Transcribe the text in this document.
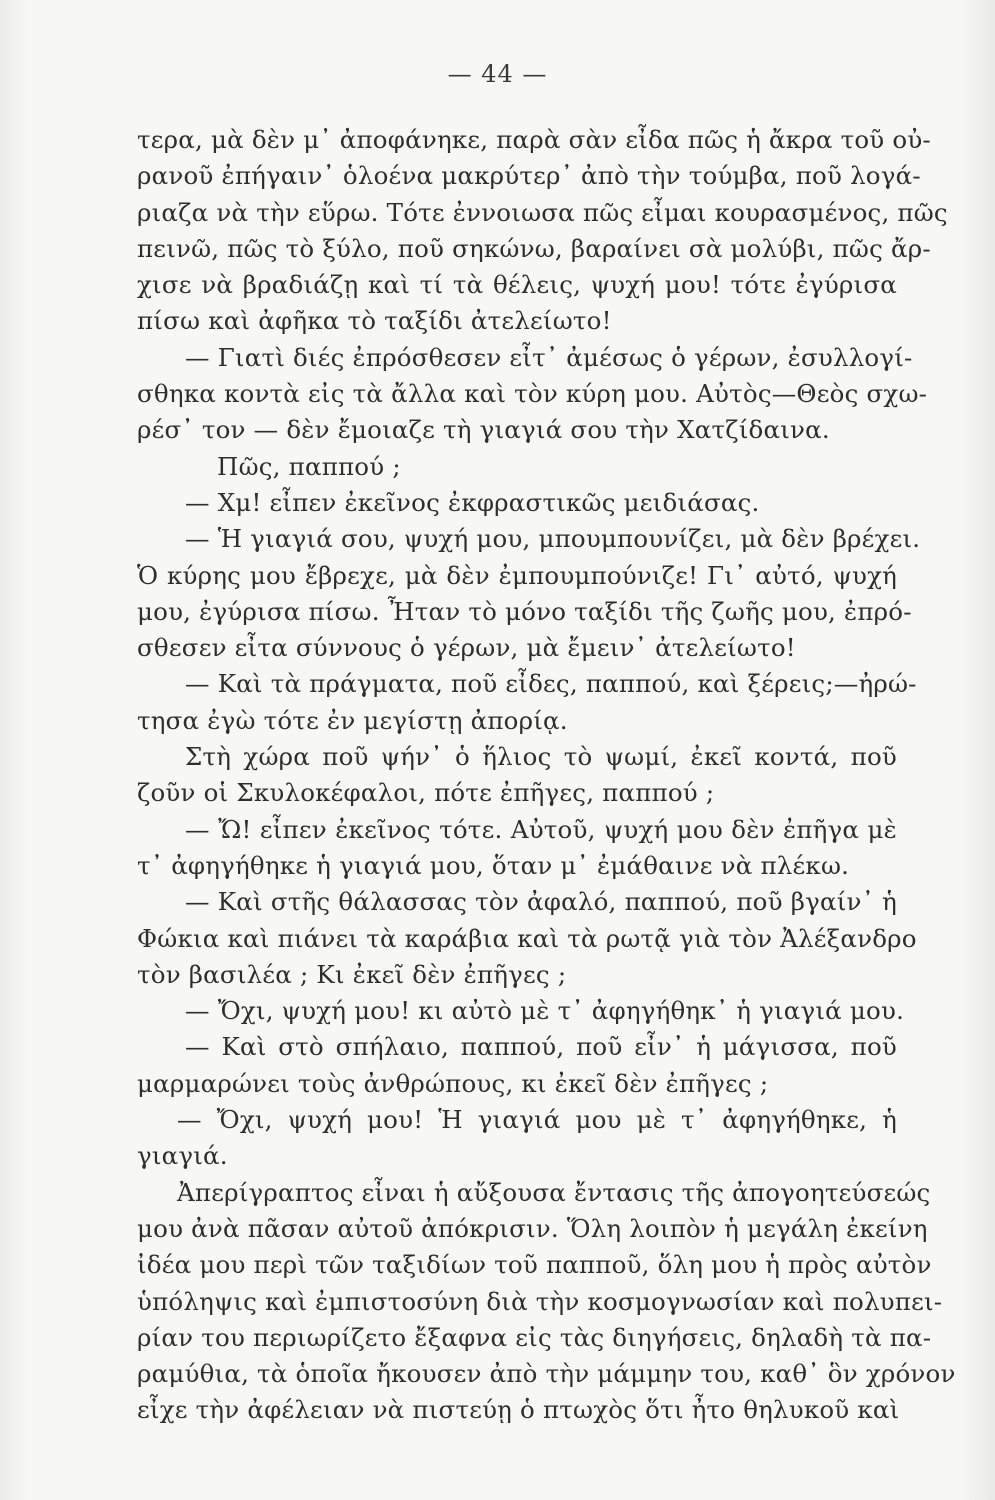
— 44 —
τερα, μὰ δὲν μ᾿ ἀποφάνηκε, παρὰ σὰν εἶδα πῶς ἡ ἄκρα τοῦ οὐ-
ρανοῦ ἐπήγαιν᾿ ὁλοένα μακρύτερ᾿ ἀπὸ τὴν τούμβα, ποῦ λογά-
ριαζα νὰ τὴν εὕρω. Τότε ἐννοιωσα πῶς εἶμαι κουρασμένος, πῶς
πεινῶ, πῶς τὸ ξύλο, ποῦ σηκώνω, βαραίνει σὰ μολύβι, πῶς ἄρ-
χισε νὰ βραδιάζῃ καὶ τί τὰ θέλεις, ψυχή μου! τότε ἐγύρισα
πίσω καὶ ἀφῆκα τὸ ταξίδι ἀτελείωτο!
— Γιατὶ διές ἐπρόσθεσεν εἶτ᾿ ἀμέσως ὁ γέρων, ἐσυλλογί-
σθηκα κοντὰ εἰς τὰ ἄλλα καὶ τὸν κύρη μου. Αὐτὸς—Θεὸς σχω-
ρέσ᾿ τον — δὲν ἔμοιαζε τὴ γιαγιά σου τὴν Χατζίδαινα.
Πῶς, παππού ;
— Χμ! εἶπεν ἐκεῖνος ἐκφραστικῶς μειδιάσας.
— Ἡ γιαγιά σου, ψυχή μου, μπουμπουνίζει, μὰ δὲν βρέχει.
Ὁ κύρης μου ἔβρεχε, μὰ δὲν ἐμπουμπούνιζε! Γι᾿ αὐτό, ψυχή
μου, ἐγύρισα πίσω. Ἦταν τὸ μόνο ταξίδι τῆς ζωῆς μου, ἐπρό-
σθεσεν εἶτα σύννους ὁ γέρων, μὰ ἔμειν᾿ ἀτελείωτο!
— Καὶ τὰ πράγματα, ποῦ εἶδες, παππού, καὶ ξέρεις;—ἠρώ-
τησα ἐγὼ τότε ἐν μεγίστῃ ἀπορίᾳ.
Στὴ χώρα ποῦ ψήν᾿ ὁ ἥλιος τὸ ψωμί, ἐκεῖ κοντά, ποῦ
ζοῦν οἱ Σκυλοκέφαλοι, πότε ἐπῆγες, παππού ;
— Ὤ! εἶπεν ἐκεῖνος τότε. Αὐτοῦ, ψυχή μου δὲν ἐπῆγα μὲ
τ᾿ ἀφηγήθηκε ἡ γιαγιά μου, ὅταν μ᾿ ἐμάθαινε νὰ πλέκω.
— Καὶ στῆς θάλασσας τὸν ἀφαλό, παππού, ποῦ βγαίν᾿ ἡ
Φώκια καὶ πιάνει τὰ καράβια καὶ τὰ ρωτᾷ γιὰ τὸν Ἀλέξανδρο
τὸν βασιλέα ; Κι ἐκεῖ δὲν ἐπῆγες ;
— Ὄχι, ψυχή μου! κι αὐτὸ μὲ τ᾿ ἀφηγήθηκ᾿ ἡ γιαγιά μου.
— Καὶ στὸ σπήλαιο, παππού, ποῦ εἶν᾿ ἡ μάγισσα, ποῦ
μαρμαρώνει τοὺς ἀνθρώπους, κι ἐκεῖ δὲν ἐπῆγες ;
— Ὄχι, ψυχή μου! Ἡ γιαγιά μου μὲ τ᾿ ἀφηγήθηκε, ἡ
γιαγιά.
Ἀπερίγραπτος εἶναι ἡ αὔξουσα ἔντασις τῆς ἀπογοητεύσεώς
μου ἀνὰ πᾶσαν αὐτοῦ ἀπόκρισιν. Ὅλη λοιπὸν ἡ μεγάλη ἐκείνη
ἰδέα μου περὶ τῶν ταξιδίων τοῦ παπποῦ, ὅλη μου ἡ πρὸς αὐτὸν
ὑπόληψις καὶ ἐμπιστοσύνη διὰ τὴν κοσμογνωσίαν καὶ πολυπει-
ρίαν του περιωρίζετο ἔξαφνα εἰς τὰς διηγήσεις, δηλαδὴ τὰ πα-
ραμύθια, τὰ ὁποῖα ἤκουσεν ἀπὸ τὴν μάμμην του, καθ᾿ ὃν χρόνον
εἶχε τὴν ἀφέλειαν νὰ πιστεύῃ ὁ πτωχὸς ὅτι ἦτο θηλυκοῦ καὶ
